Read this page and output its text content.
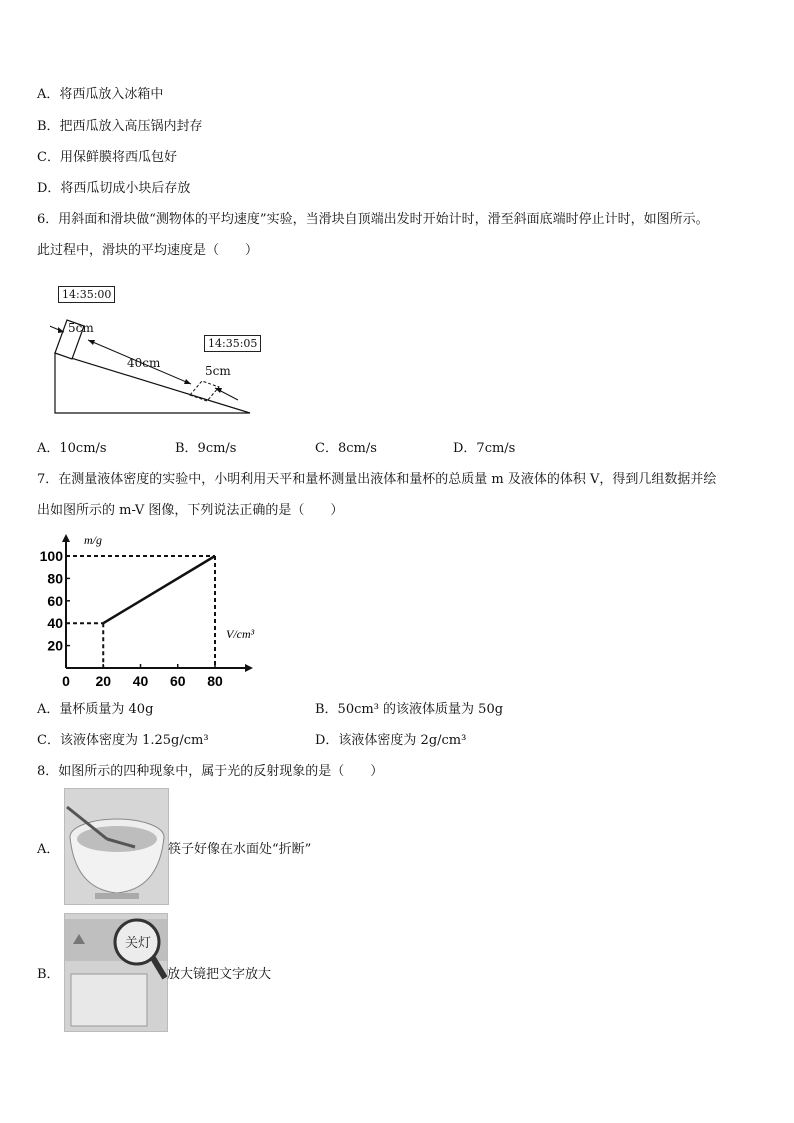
A．将西瓜放入冰箱中
B．把西瓜放入高压锅内封存
C．用保鲜膜将西瓜包好
D．将西瓜切成小块后存放
6．用斜面和滑块做“测物体的平均速度”实验，当滑块自顶端出发时开始计时，滑至斜面底端时停止计时，如图所示。
此过程中，滑块的平均速度是（　　）
14:35:00
14:35:05
5cm
40cm
5cm
A．10cm/s	B．9cm/s	C．8cm/s	D．7cm/s
7．在测量液体密度的实验中，小明利用天平和量杯测量出液体和量杯的总质量 m 及液体的体积 V，得到几组数据并绘
出如图所示的 m-V 图像，下列说法正确的是（　　）
20
40
60
80
100
0 20 40 60 80
m/g
V/cm³
A．量杯质量为 40g	B．50cm³ 的该液体质量为 50g
C．该液体密度为 1.25g/cm³	D．该液体密度为 2g/cm³
8．如图所示的四种现象中，属于光的反射现象的是（　　）
A．	筷子好像在水面处“折断”
B．
关灯
放大镜把文字放大
